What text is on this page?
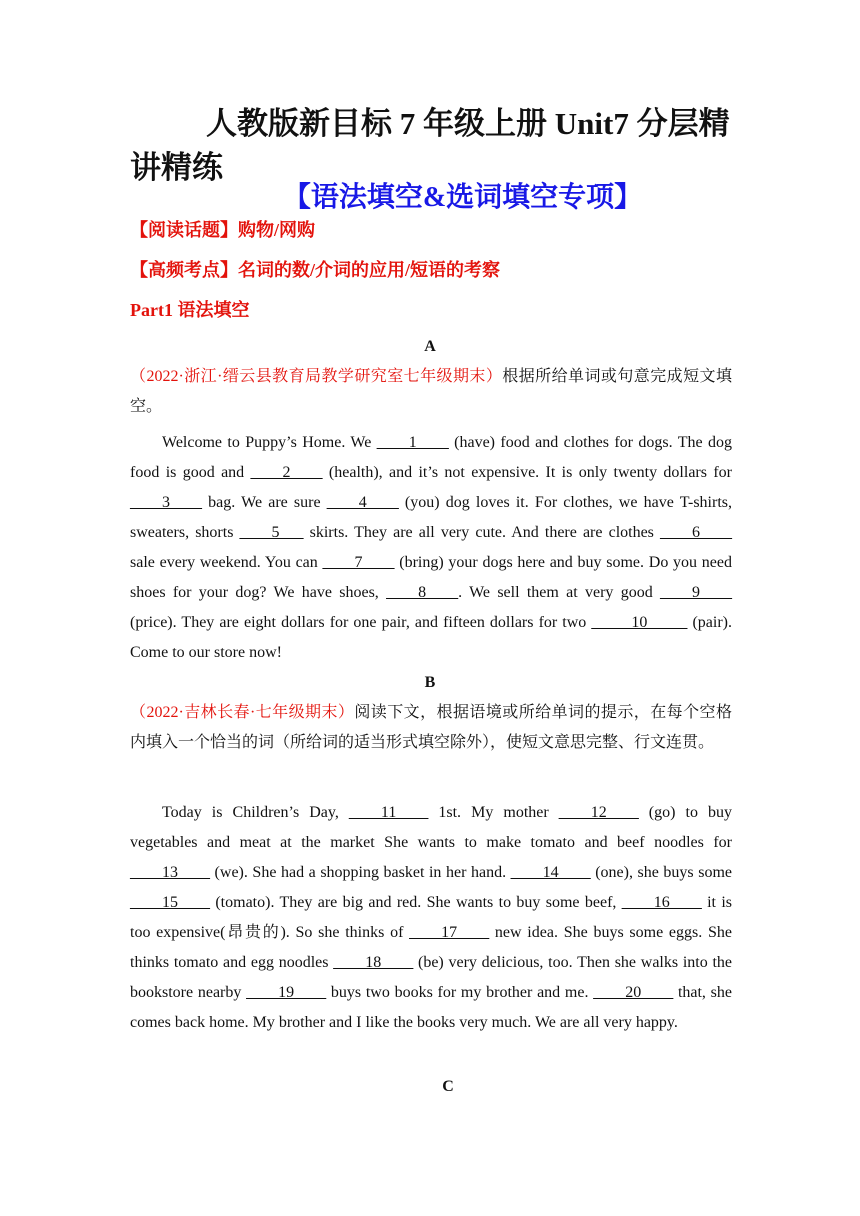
人教版新目标 7 年级上册 Unit7 分层精讲精练
【语法填空&选词填空专项】

【阅读话题】购物/网购

【高频考点】名词的数/介词的应用/短语的考察

Part1 语法填空

A

（2022·浙江·缙云县教育局教学研究室七年级期末）根据所给单词或句意完成短文填空。

Welcome to Puppy’s Home. We ____1____ (have) food and clothes for dogs. The dog food is good and ____2____ (health), and it’s not expensive. It is only twenty dollars for ____3____ bag. We are sure ____4____ (you) dog loves it. For clothes, we have T-shirts, sweaters, shorts ____5___ skirts. They are all very cute. And there are clothes ____6____ sale every weekend. You can ____7____ (bring) your dogs here and buy some. Do you need shoes for your dog? We have shoes, ____8____. We sell them at very good ____9____ (price). They are eight dollars for one pair, and fifteen dollars for two _____10_____ (pair). Come to our store now!

B

（2022·吉林长春·七年级期末）阅读下文，根据语境或所给单词的提示，在每个空格内填入一个恰当的词（所给词的适当形式填空除外），使短文意思完整、行文连贯。

Today is Children’s Day, ____11____ 1st. My mother ____12____ (go) to buy vegetables and meat at the market She wants to make tomato and beef noodles for ____13____ (we). She had a shopping basket in her hand. ____14____ (one), she buys some ____15____ (tomato). They are big and red. She wants to buy some beef, ____16____ it is too expensive(昂贵的). So she thinks of ____17____ new idea. She buys some eggs. She thinks tomato and egg noodles ____18____ (be) very delicious, too. Then she walks into the bookstore nearby ____19____ buys two books for my brother and me. ____20____ that, she comes back home. My brother and I like the books very much. We are all very happy.

C
